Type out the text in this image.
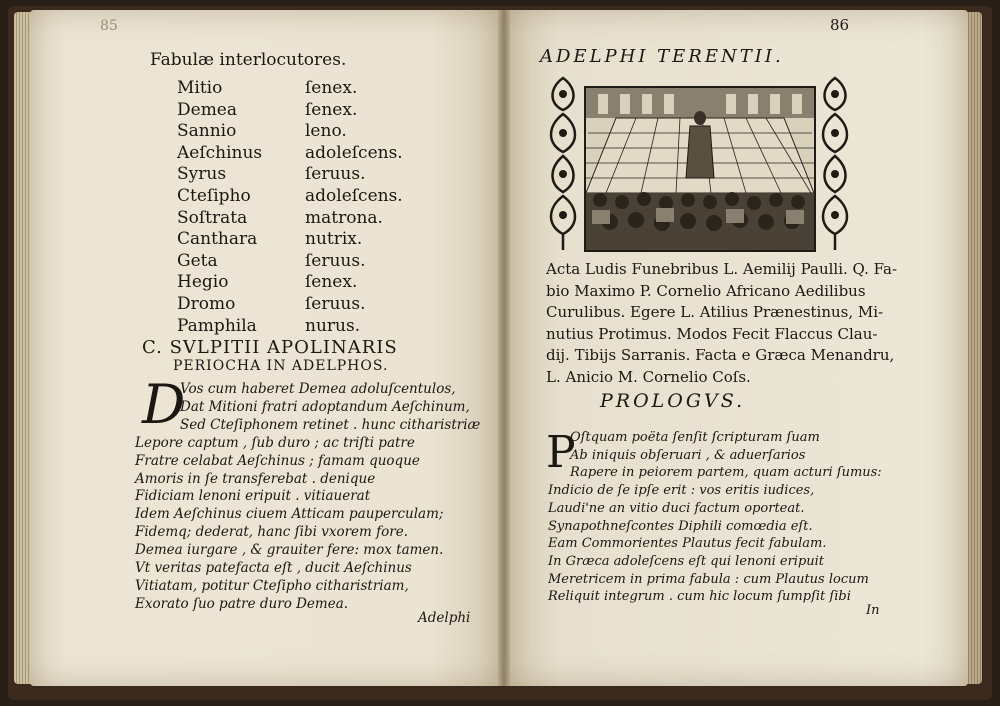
85
Fabulæ interlocutores.
Mitio	ſenex.
Demea	ſenex.
Sannio	leno.
Aeſchinus	adoleſcens.
Syrus	ſeruus.
Cteſipho	adoleſcens.
Soſtrata	matrona.
Canthara	nutrix.
Geta	ſeruus.
Hegio	ſenex.
Dromo	ſeruus.
Pamphila	nurus.
C. SVLPITII APOLINARIS
PERIOCHA IN ADELPHOS.
D
Vos cum haberet Demea adoluſcentulos,
Dat Mitioni fratri adoptandum Aeſchinum,
Sed Cteſiphonem retinet . hunc citharistriæ
Lepore captum , ſub duro ; ac triſti patre
Fratre celabat Aeſchinus ; famam quoque
Amoris in ſe transferebat . denique
Fidiciam lenoni eripuit . vitiauerat
Idem Aeſchinus ciuem Atticam pauperculam;
Fidemq; dederat, hanc ſibi vxorem fore.
Demea iurgare , & grauiter fere: mox tamen.
Vt veritas patefacta eſt , ducit Aeſchinus
Vitiatam, potitur Cteſipho citharistriam,
Exorato ſuo patre duro Demea.
Adelphi
86
ADELPHI TERENTII.
Acta Ludis Funebribus L. Aemilij Paulli. Q. Fa-
bio Maximo P. Cornelio Africano Aedilibus
Curulibus. Egere L. Atilius Prænestinus, Mi-
nutius Protimus. Modos Fecit Flaccus Clau-
dij. Tibijs Sarranis. Facta e Græca Menandru,
L. Anicio M. Cornelio Coſs.
PROLOGVS.
P
Oſtquam poëta ſenſit ſcripturam ſuam
Ab iniquis obſeruari , & aduerſarios
Rapere in peiorem partem, quam acturi ſumus:
Indicio de ſe ipſe erit : vos eritis iudices,
Laudi'ne an vitio duci factum oporteat.
Synapothneſcontes Diphili comœdia eſt.
Eam Commorientes Plautus fecit fabulam.
In Græca adoleſcens eſt qui lenoni eripuit
Meretricem in prima fabula : cum Plautus locum
Reliquit integrum . cum hic locum ſumpſit ſibi
In
